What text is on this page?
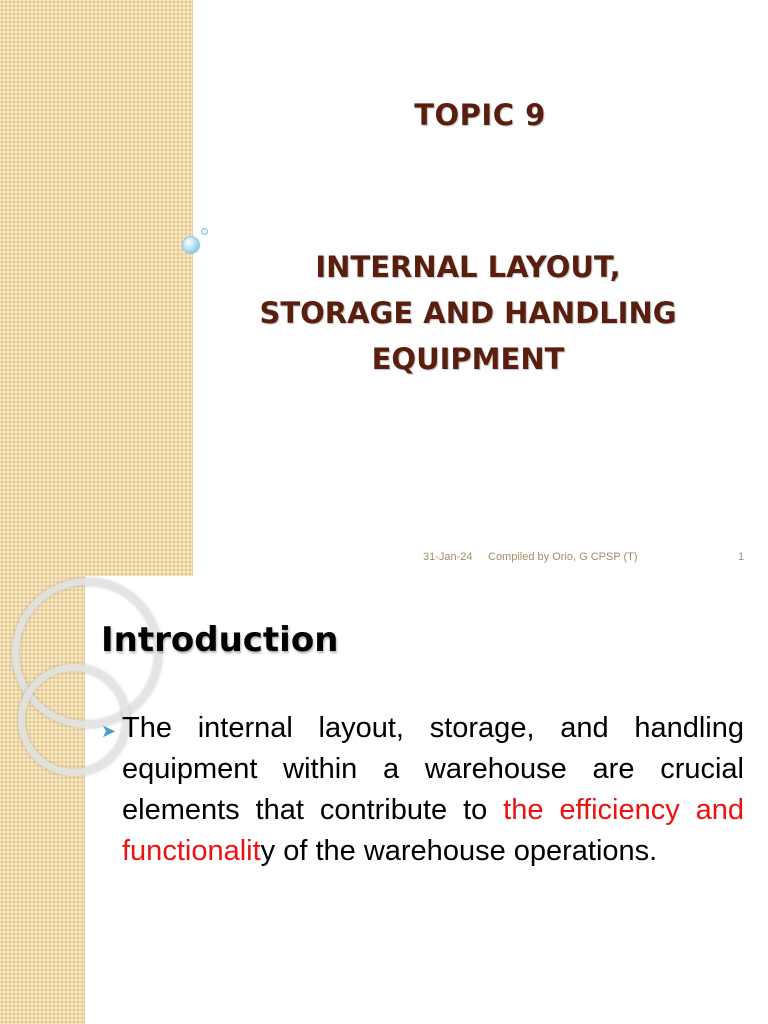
TOPIC 9
INTERNAL LAYOUT,
STORAGE AND HANDLING
EQUIPMENT
31-Jan-24 Compiled by Orio, G CPSP (T)	1
Introduction
➤ The internal layout, storage, and handling equipment within a warehouse are crucial elements that contribute to the efficiency and functionality of the warehouse operations.
